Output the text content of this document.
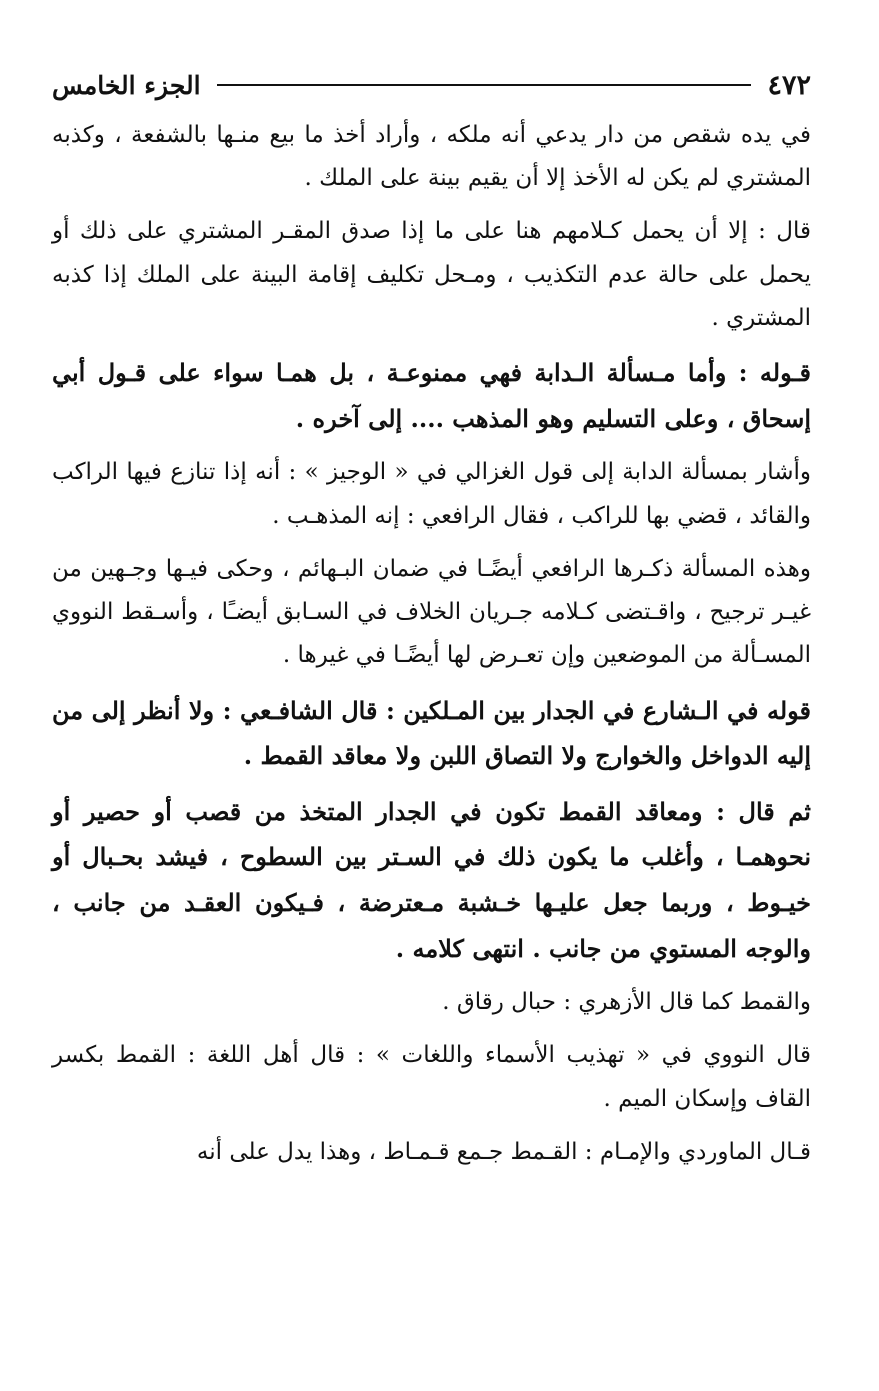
٤٧٢
الجزء الخامس

في يده شقص من دار يدعي أنه ملكه ، وأراد أخذ ما بيع منـها بالشفعة ، وكذبه المشتري لم يكن له الأخذ إلا أن يقيم بينة على الملك .

قال : إلا أن يحمل كـلامهم هنا على ما إذا صدق المقـر المشتري على ذلك أو يحمل على حالة عدم التكذيب ، ومـحل تكليف إقامة البينة على الملك إذا كذبه المشتري .

قـوله : وأما مـسألة الـدابة فهي ممنوعـة ، بل همـا سواء على قـول أبي إسحاق ، وعلى التسليم وهو المذهب .... إلى آخره .

وأشار بمسألة الدابة إلى قول الغزالي في « الوجيز » : أنه إذا تنازع فيها الراكب والقائد ، قضي بها للراكب ، فقال الرافعي : إنه المذهـب .

وهذه المسألة ذكـرها الرافعي أيضًـا في ضمان البـهائم ، وحكى فيـها وجـهين من غيـر ترجيح ، واقـتضى كـلامه جـريان الخلاف في السـابق أيضـًا ، وأسـقط النووي المسـألة من الموضعين وإن تعـرض لها أيضًـا في غيرها .

قوله في الـشارع في الجدار بين المـلكين : قال الشافـعي : ولا أنظر إلى من إليه الدواخل والخوارج ولا التصاق اللبن ولا معاقد القمط .

ثم قال : ومعاقد القمط تكون في الجدار المتخذ من قصب أو حصير أو نحوهمـا ، وأغلب ما يكون ذلك في السـتر بين السطوح ، فيشد بحـبال أو خيـوط ، وربما جعل عليـها خـشبة مـعترضة ، فـيكون العقـد من جانب ، والوجه المستوي من جانب . انتهى كلامه .

والقمط كما قال الأزهري : حبال رقاق .

قال النووي في « تهذيب الأسماء واللغات » : قال أهل اللغة : القمط بكسر القاف وإسكان الميم .

قـال الماوردي والإمـام : القـمط جـمع قـمـاط ، وهذا يدل على أنه
